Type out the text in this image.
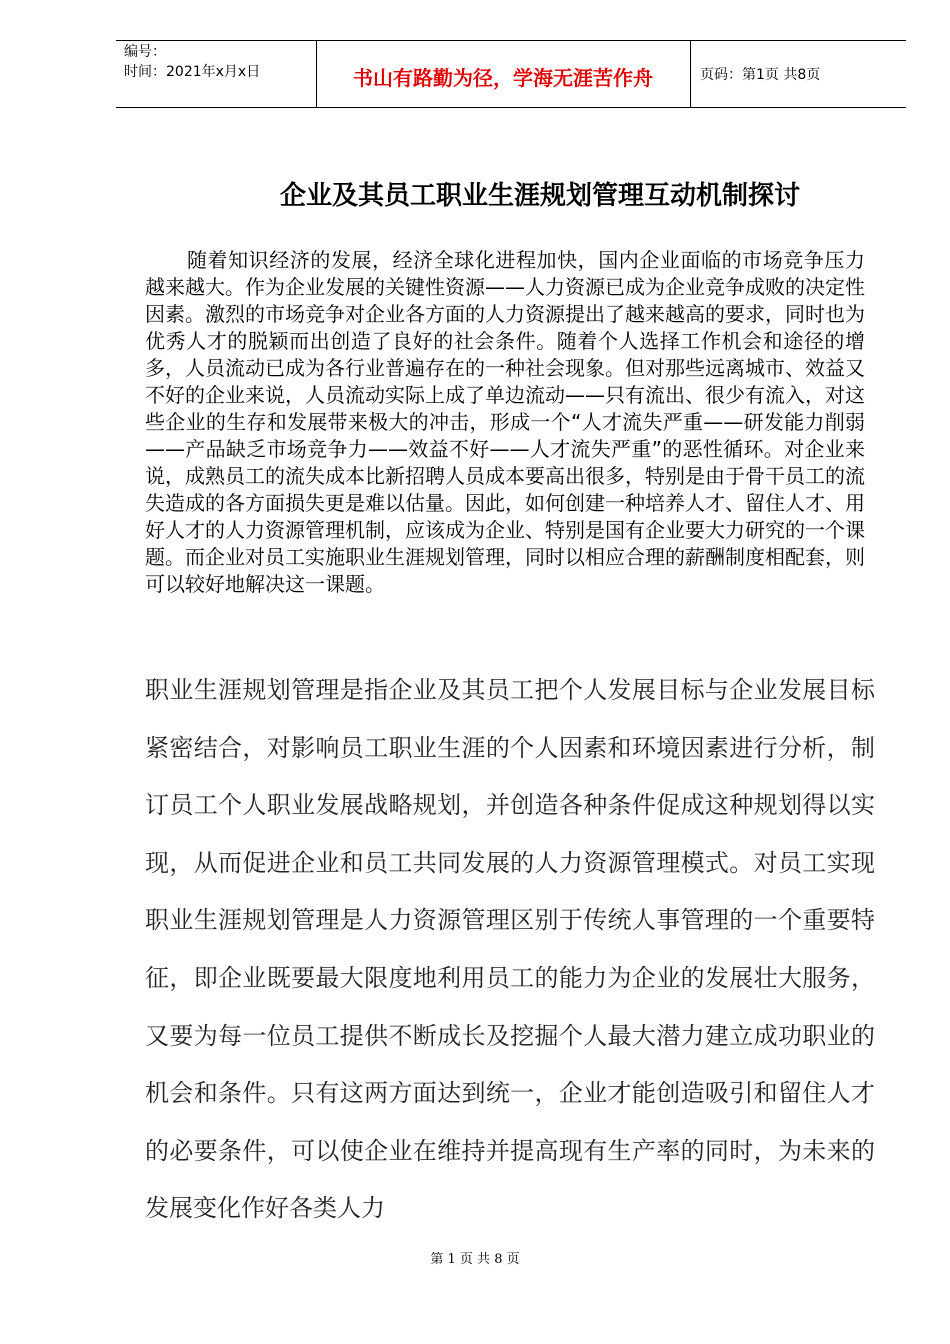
编号：
时间：2021年x月x日	书山有路勤为径，学海无涯苦作舟	页码：第1页 共8页
企业及其员工职业生涯规划管理互动机制探讨
随着知识经济的发展，经济全球化进程加快，国内企业面临的市场竞争压力越来越大。作为企业发展的关键性资源——人力资源已成为企业竞争成败的决定性因素。激烈的市场竞争对企业各方面的人力资源提出了越来越高的要求，同时也为优秀人才的脱颖而出创造了良好的社会条件。随着个人选择工作机会和途径的增多，人员流动已成为各行业普遍存在的一种社会现象。但对那些远离城市、效益又不好的企业来说，人员流动实际上成了单边流动——只有流出、很少有流入，对这些企业的生存和发展带来极大的冲击，形成一个“人才流失严重——研发能力削弱——产品缺乏市场竞争力——效益不好——人才流失严重”的恶性循环。对企业来说，成熟员工的流失成本比新招聘人员成本要高出很多，特别是由于骨干员工的流失造成的各方面损失更是难以估量。因此，如何创建一种培养人才、留住人才、用好人才的人力资源管理机制，应该成为企业、特别是国有企业要大力研究的一个课题。而企业对员工实施职业生涯规划管理，同时以相应合理的薪酬制度相配套，则可以较好地解决这一课题。
职业生涯规划管理是指企业及其员工把个人发展目标与企业发展目标紧密结合，对影响员工职业生涯的个人因素和环境因素进行分析，制订员工个人职业发展战略规划，并创造各种条件促成这种规划得以实现，从而促进企业和员工共同发展的人力资源管理模式。对员工实现职业生涯规划管理是人力资源管理区别于传统人事管理的一个重要特征，即企业既要最大限度地利用员工的能力为企业的发展壮大服务，又要为每一位员工提供不断成长及挖掘个人最大潜力建立成功职业的机会和条件。只有这两方面达到统一，企业才能创造吸引和留住人才的必要条件，可以使企业在维持并提高现有生产率的同时，为未来的发展变化作好各类人力
第 1 页 共 8 页
